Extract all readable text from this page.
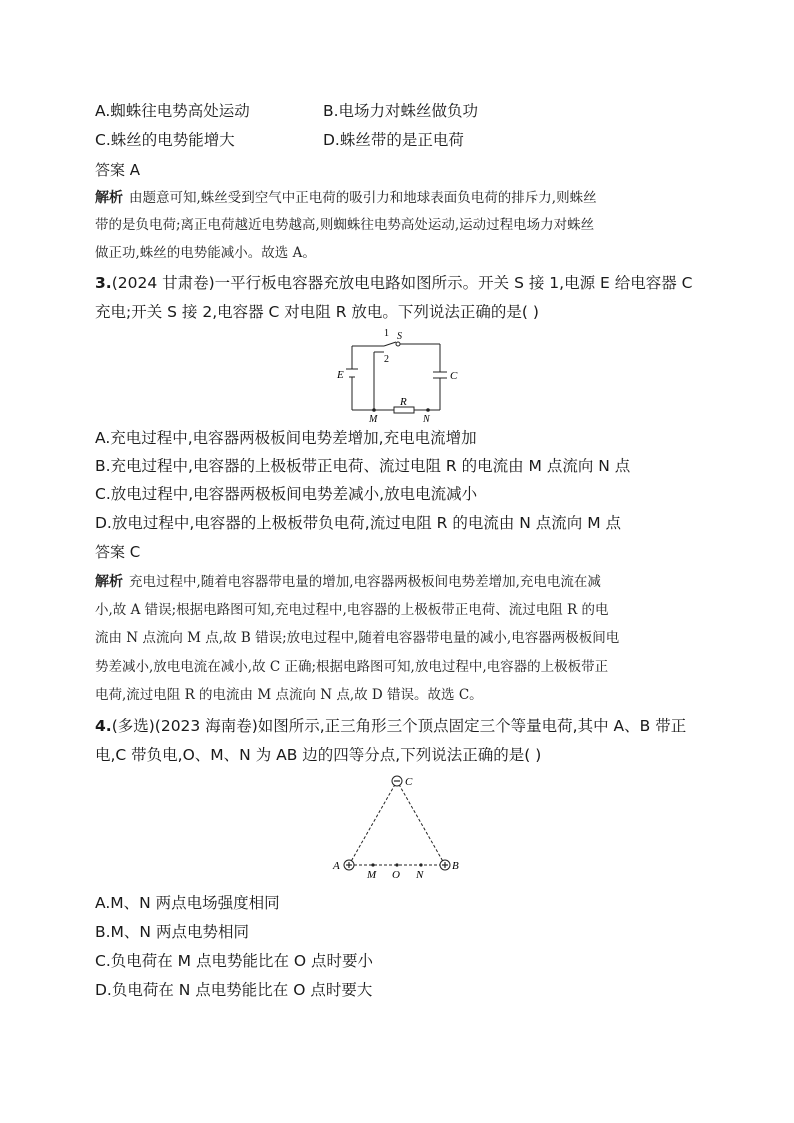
A.蜘蛛往电势高处运动	B.电场力对蛛丝做负功
C.蛛丝的电势能增大	D.蛛丝带的是正电荷
答案 A
解析 由题意可知,蛛丝受到空气中正电荷的吸引力和地球表面负电荷的排斥力,则蛛丝
带的是负电荷;离正电荷越近电势越高,则蜘蛛往电势高处运动,运动过程电场力对蛛丝
做正功,蛛丝的电势能减小。故选 A。
3.(2024 甘肃卷)一平行板电容器充放电电路如图所示。开关 S 接 1,电源 E 给电容器 C
充电;开关 S 接 2,电容器 C 对电阻 R 放电。下列说法正确的是( )
E	C
R
M	N
S
1
2
A.充电过程中,电容器两极板间电势差增加,充电电流增加
B.充电过程中,电容器的上极板带正电荷、流过电阻 R 的电流由 M 点流向 N 点
C.放电过程中,电容器两极板间电势差减小,放电电流减小
D.放电过程中,电容器的上极板带负电荷,流过电阻 R 的电流由 N 点流向 M 点
答案 C
解析 充电过程中,随着电容器带电量的增加,电容器两极板间电势差增加,充电电流在减
小,故 A 错误;根据电路图可知,充电过程中,电容器的上极板带正电荷、流过电阻 R 的电
流由 N 点流向 M 点,故 B 错误;放电过程中,随着电容器带电量的减小,电容器两极板间电
势差减小,放电电流在减小,故 C 正确;根据电路图可知,放电过程中,电容器的上极板带正
电荷,流过电阻 R 的电流由 M 点流向 N 点,故 D 错误。故选 C。
4.(多选)(2023 海南卷)如图所示,正三角形三个顶点固定三个等量电荷,其中 A、B 带正
电,C 带负电,O、M、N 为 AB 边的四等分点,下列说法正确的是( )
C
A	B
M O N
A.M、N 两点电场强度相同
B.M、N 两点电势相同
C.负电荷在 M 点电势能比在 O 点时要小
D.负电荷在 N 点电势能比在 O 点时要大
